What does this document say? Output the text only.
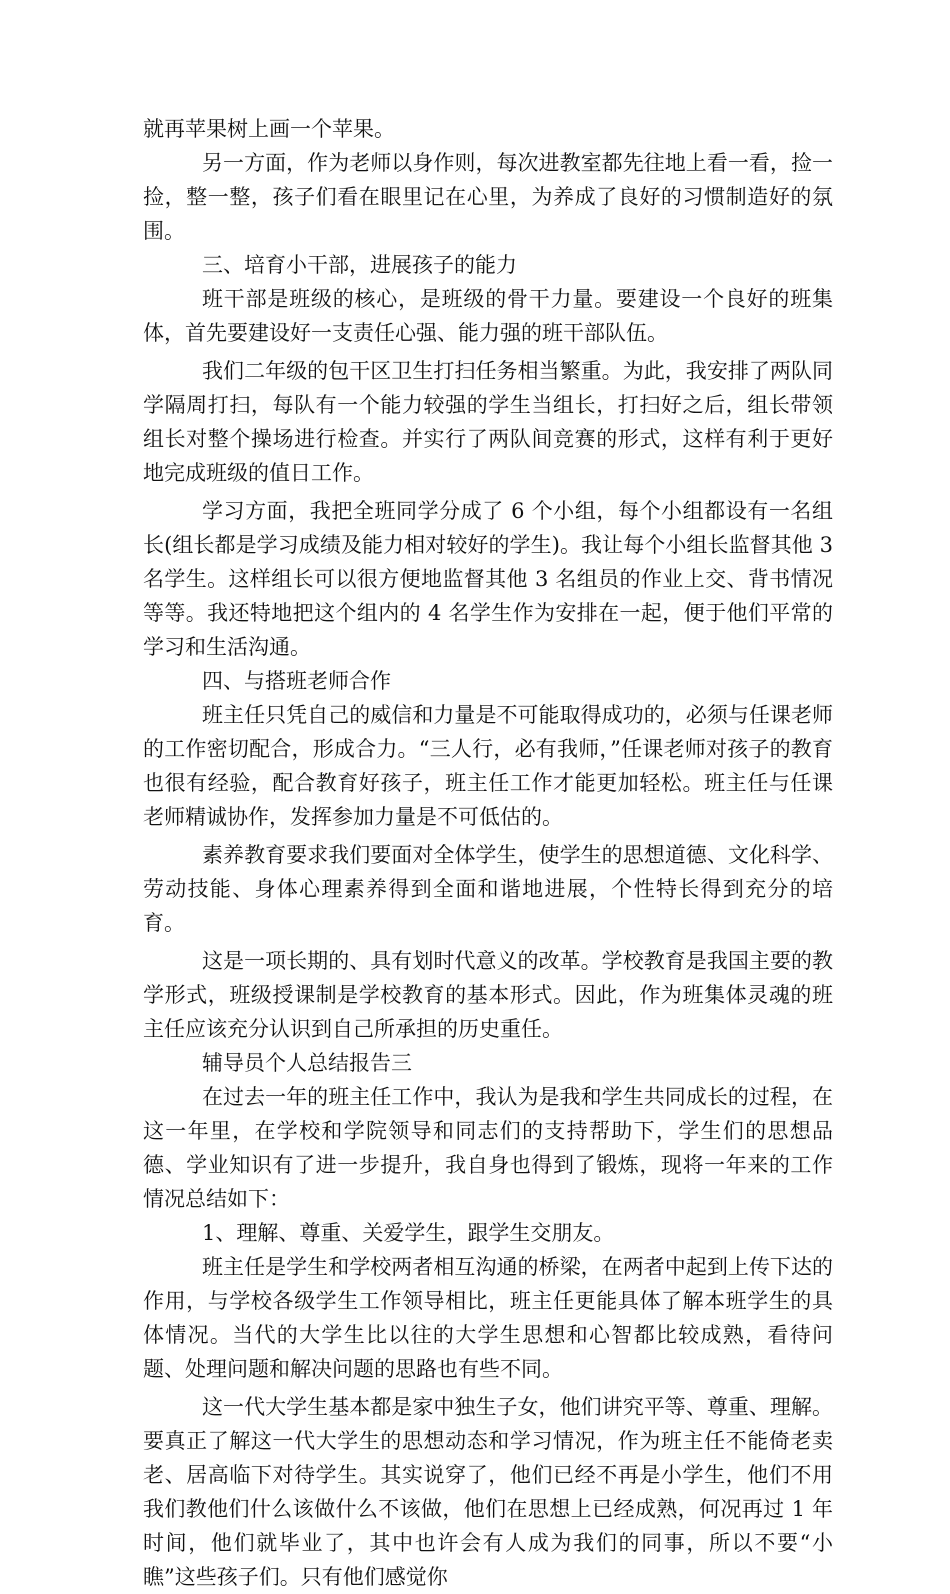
就再苹果树上画一个苹果。

另一方面，作为老师以身作则，每次进教室都先往地上看一看，捡一捡，整一整，孩子们看在眼里记在心里，为养成了良好的习惯制造好的氛围。

三、培育小干部，进展孩子的能力

班干部是班级的核心，是班级的骨干力量。要建设一个良好的班集体，首先要建设好一支责任心强、能力强的班干部队伍。

我们二年级的包干区卫生打扫任务相当繁重。为此，我安排了两队同学隔周打扫，每队有一个能力较强的学生当组长，打扫好之后，组长带领组长对整个操场进行检查。并实行了两队间竞赛的形式，这样有利于更好地完成班级的值日工作。

学习方面，我把全班同学分成了 6 个小组，每个小组都设有一名组长(组长都是学习成绩及能力相对较好的学生)。我让每个小组长监督其他 3 名学生。这样组长可以很方便地监督其他 3 名组员的作业上交、背书情况等等。我还特地把这个组内的 4 名学生作为安排在一起，便于他们平常的学习和生活沟通。

四、与搭班老师合作

班主任只凭自己的威信和力量是不可能取得成功的，必须与任课老师的工作密切配合，形成合力。“三人行，必有我师，”任课老师对孩子的教育也很有经验，配合教育好孩子，班主任工作才能更加轻松。班主任与任课老师精诚协作，发挥参加力量是不可低估的。

素养教育要求我们要面对全体学生，使学生的思想道德、文化科学、劳动技能、身体心理素养得到全面和谐地进展，个性特长得到充分的培育。

这是一项长期的、具有划时代意义的改革。学校教育是我国主要的教学形式，班级授课制是学校教育的基本形式。因此，作为班集体灵魂的班主任应该充分认识到自己所承担的历史重任。

辅导员个人总结报告三

在过去一年的班主任工作中，我认为是我和学生共同成长的过程，在这一年里，在学校和学院领导和同志们的支持帮助下，学生们的思想品德、学业知识有了进一步提升，我自身也得到了锻炼，现将一年来的工作情况总结如下：

1、理解、尊重、关爱学生，跟学生交朋友。

班主任是学生和学校两者相互沟通的桥梁，在两者中起到上传下达的作用，与学校各级学生工作领导相比，班主任更能具体了解本班学生的具体情况。当代的大学生比以往的大学生思想和心智都比较成熟，看待问题、处理问题和解决问题的思路也有些不同。

这一代大学生基本都是家中独生子女，他们讲究平等、尊重、理解。要真正了解这一代大学生的思想动态和学习情况，作为班主任不能倚老卖老、居高临下对待学生。其实说穿了，他们已经不再是小学生，他们不用我们教他们什么该做什么不该做，他们在思想上已经成熟，何况再过 1 年时间，他们就毕业了，其中也许会有人成为我们的同事，所以不要“小瞧”这些孩子们。只有他们感觉你
